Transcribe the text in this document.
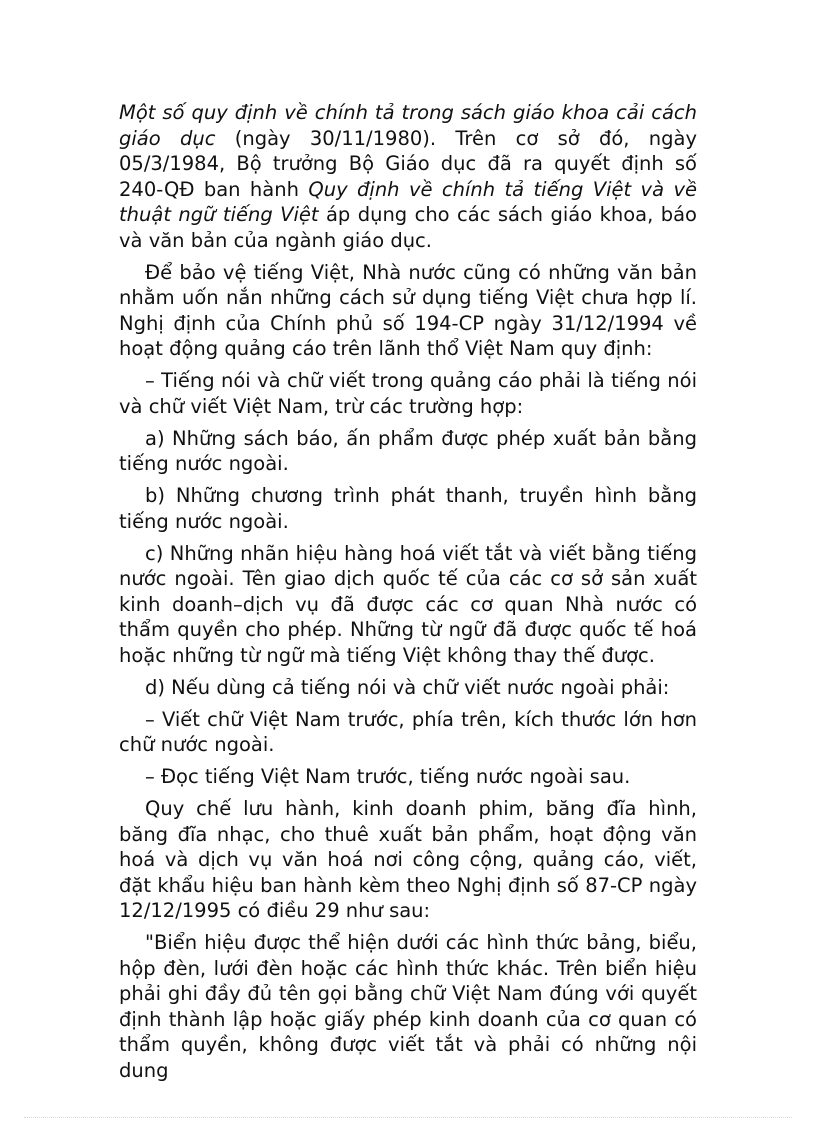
Một số quy định về chính tả trong sách giáo khoa cải cách giáo dục (ngày 30/11/1980). Trên cơ sở đó, ngày 05/3/1984, Bộ trưởng Bộ Giáo dục đã ra quyết định số 240-QĐ ban hành Quy định về chính tả tiếng Việt và về thuật ngữ tiếng Việt áp dụng cho các sách giáo khoa, báo và văn bản của ngành giáo dục.

Để bảo vệ tiếng Việt, Nhà nước cũng có những văn bản nhằm uốn nắn những cách sử dụng tiếng Việt chưa hợp lí. Nghị định của Chính phủ số 194-CP ngày 31/12/1994 về hoạt động quảng cáo trên lãnh thổ Việt Nam quy định:

– Tiếng nói và chữ viết trong quảng cáo phải là tiếng nói và chữ viết Việt Nam, trừ các trường hợp:

a) Những sách báo, ấn phẩm được phép xuất bản bằng tiếng nước ngoài.

b) Những chương trình phát thanh, truyền hình bằng tiếng nước ngoài.

c) Những nhãn hiệu hàng hoá viết tắt và viết bằng tiếng nước ngoài. Tên giao dịch quốc tế của các cơ sở sản xuất kinh doanh–dịch vụ đã được các cơ quan Nhà nước có thẩm quyền cho phép. Những từ ngữ đã được quốc tế hoá hoặc những từ ngữ mà tiếng Việt không thay thế được.

d) Nếu dùng cả tiếng nói và chữ viết nước ngoài phải:

– Viết chữ Việt Nam trước, phía trên, kích thước lớn hơn chữ nước ngoài.

– Đọc tiếng Việt Nam trước, tiếng nước ngoài sau.

Quy chế lưu hành, kinh doanh phim, băng đĩa hình, băng đĩa nhạc, cho thuê xuất bản phẩm, hoạt động văn hoá và dịch vụ văn hoá nơi công cộng, quảng cáo, viết, đặt khẩu hiệu ban hành kèm theo Nghị định số 87-CP ngày 12/12/1995 có điều 29 như sau:

"Biển hiệu được thể hiện dưới các hình thức bảng, biểu, hộp đèn, lưới đèn hoặc các hình thức khác. Trên biển hiệu phải ghi đầy đủ tên gọi bằng chữ Việt Nam đúng với quyết định thành lập hoặc giấy phép kinh doanh của cơ quan có thẩm quyền, không được viết tắt và phải có những nội dung
